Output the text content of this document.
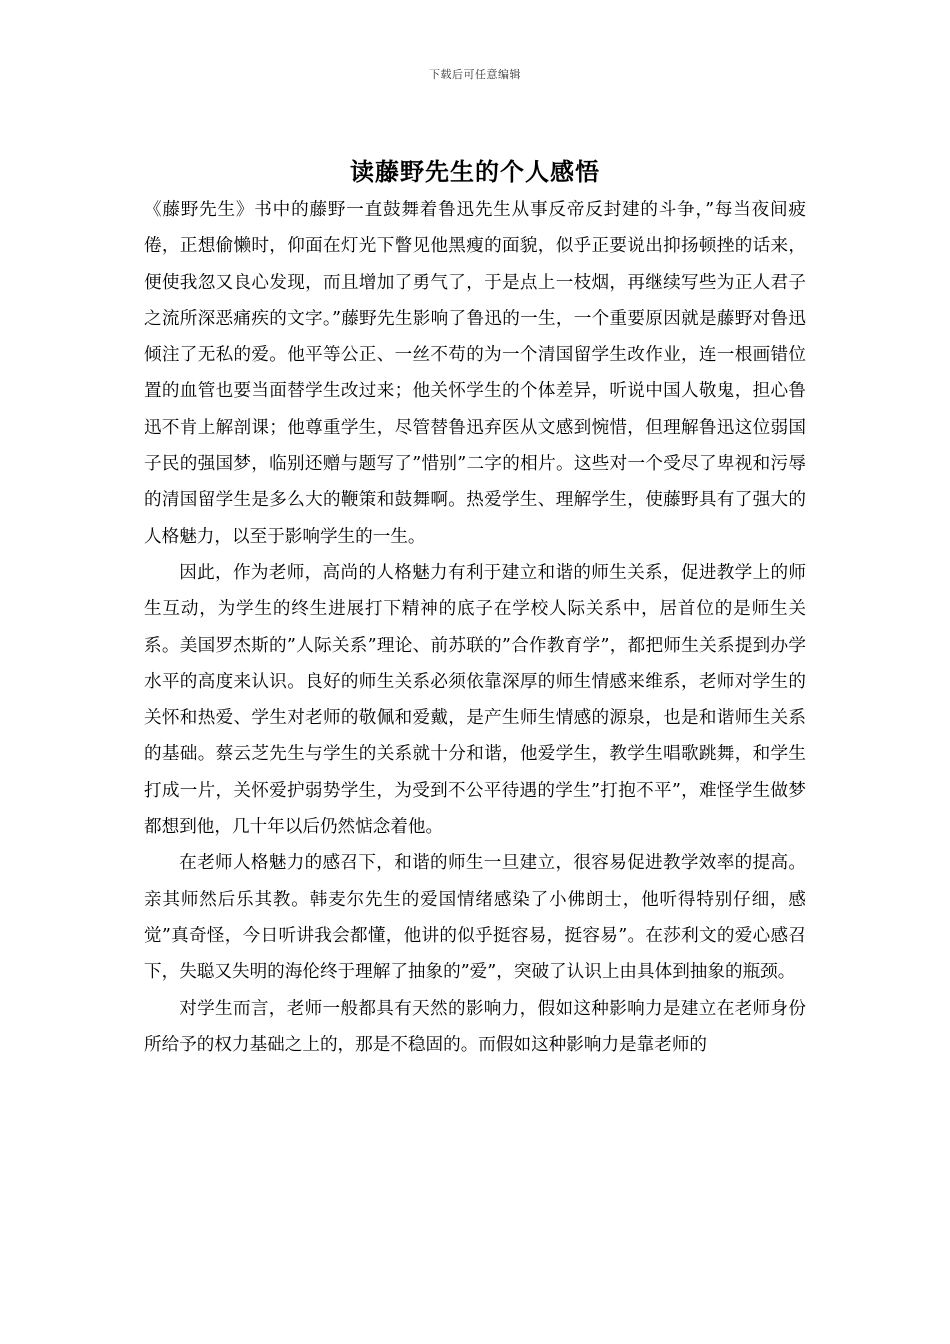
下载后可任意编辑
读藤野先生的个人感悟

《藤野先生》书中的藤野一直鼓舞着鲁迅先生从事反帝反封建的斗争，”每当夜间疲倦，正想偷懒时，仰面在灯光下瞥见他黑瘦的面貌，似乎正要说出抑扬顿挫的话来，便使我忽又良心发现，而且增加了勇气了，于是点上一枝烟，再继续写些为正人君子之流所深恶痛疾的文字。”藤野先生影响了鲁迅的一生，一个重要原因就是藤野对鲁迅倾注了无私的爱。他平等公正、一丝不苟的为一个清国留学生改作业，连一根画错位置的血管也要当面替学生改过来；他关怀学生的个体差异，听说中国人敬鬼，担心鲁迅不肯上解剖课；他尊重学生，尽管替鲁迅弃医从文感到惋惜，但理解鲁迅这位弱国子民的强国梦，临别还赠与题写了”惜别”二字的相片。这些对一个受尽了卑视和污辱的清国留学生是多么大的鞭策和鼓舞啊。热爱学生、理解学生，使藤野具有了强大的人格魅力，以至于影响学生的一生。

因此，作为老师，高尚的人格魅力有利于建立和谐的师生关系，促进教学上的师生互动，为学生的终生进展打下精神的底子在学校人际关系中，居首位的是师生关系。美国罗杰斯的”人际关系”理论、前苏联的”合作教育学”，都把师生关系提到办学水平的高度来认识。良好的师生关系必须依靠深厚的师生情感来维系，老师对学生的关怀和热爱、学生对老师的敬佩和爱戴，是产生师生情感的源泉，也是和谐师生关系的基础。蔡云芝先生与学生的关系就十分和谐，他爱学生，教学生唱歌跳舞，和学生打成一片，关怀爱护弱势学生，为受到不公平待遇的学生”打抱不平”，难怪学生做梦都想到他，几十年以后仍然惦念着他。

在老师人格魅力的感召下，和谐的师生一旦建立，很容易促进教学效率的提高。亲其师然后乐其教。韩麦尔先生的爱国情绪感染了小佛朗士，他听得特别仔细，感觉”真奇怪，今日听讲我会都懂，他讲的似乎挺容易，挺容易”。在莎利文的爱心感召下，失聪又失明的海伦终于理解了抽象的”爱”，突破了认识上由具体到抽象的瓶颈。

对学生而言，老师一般都具有天然的影响力，假如这种影响力是建立在老师身份所给予的权力基础之上的，那是不稳固的。而假如这种影响力是靠老师的
